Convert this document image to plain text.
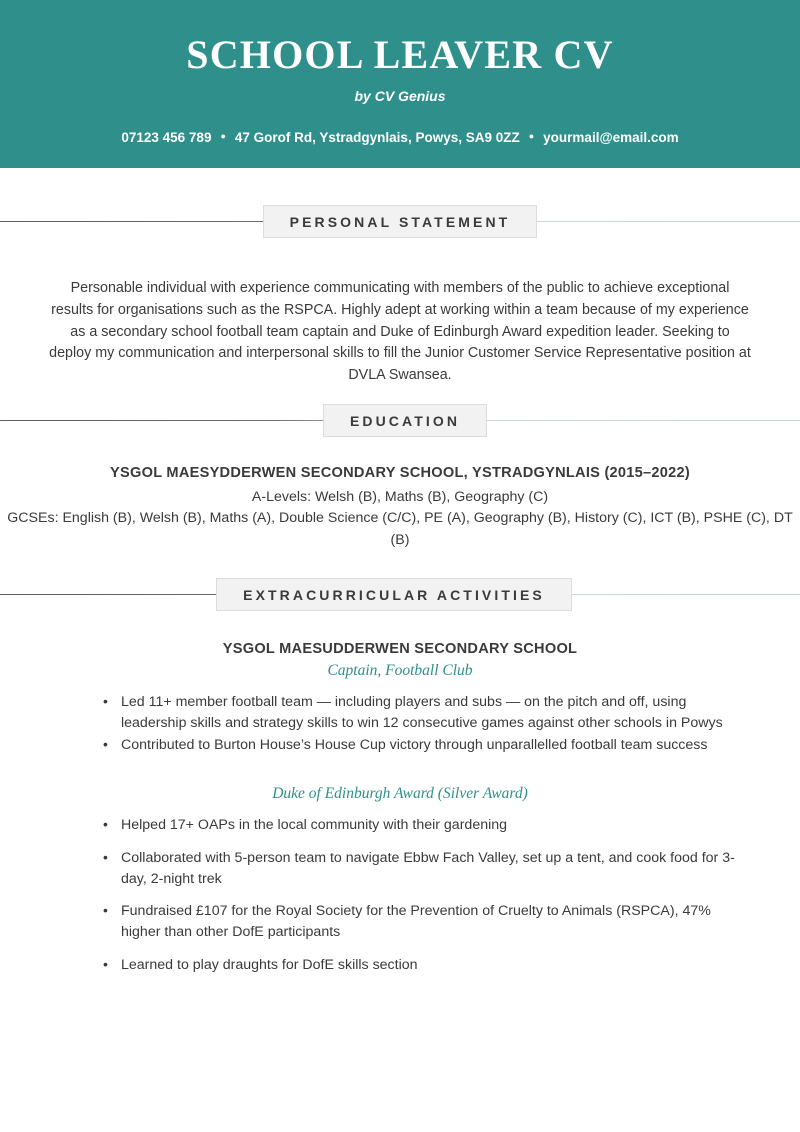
SCHOOL LEAVER CV
by CV Genius
07123 456 789 ● 47 Gorof Rd, Ystradgynlais, Powys, SA9 0ZZ ● yourmail@email.com
PERSONAL STATEMENT

Personable individual with experience communicating with members of the public to achieve exceptional results for organisations such as the RSPCA. Highly adept at working within a team because of my experience as a secondary school football team captain and Duke of Edinburgh Award expedition leader. Seeking to deploy my communication and interpersonal skills to fill the Junior Customer Service Representative position at DVLA Swansea.

EDUCATION
YSGOL MAESYDDERWEN SECONDARY SCHOOL, YSTRADGYNLAIS (2015–2022)
A-Levels: Welsh (B), Maths (B), Geography (C)
GCSEs: English (B), Welsh (B), Maths (A), Double Science (C/C), PE (A), Geography (B), History (C), ICT (B), PSHE (C), DT (B)
EXTRACURRICULAR ACTIVITIES
YSGOL MAESUDDERWEN SECONDARY SCHOOL
Captain, Football Club
• Led 11+ member football team — including players and subs — on the pitch and off, using leadership skills and strategy skills to win 12 consecutive games against other schools in Powys
• Contributed to Burton House’s House Cup victory through unparallelled football team success
Duke of Edinburgh Award (Silver Award)
• Helped 17+ OAPs in the local community with their gardening
• Collaborated with 5-person team to navigate Ebbw Fach Valley, set up a tent, and cook food for 3-day, 2-night trek
• Fundraised £107 for the Royal Society for the Prevention of Cruelty to Animals (RSPCA), 47% higher than other DofE participants
• Learned to play draughts for DofE skills section
